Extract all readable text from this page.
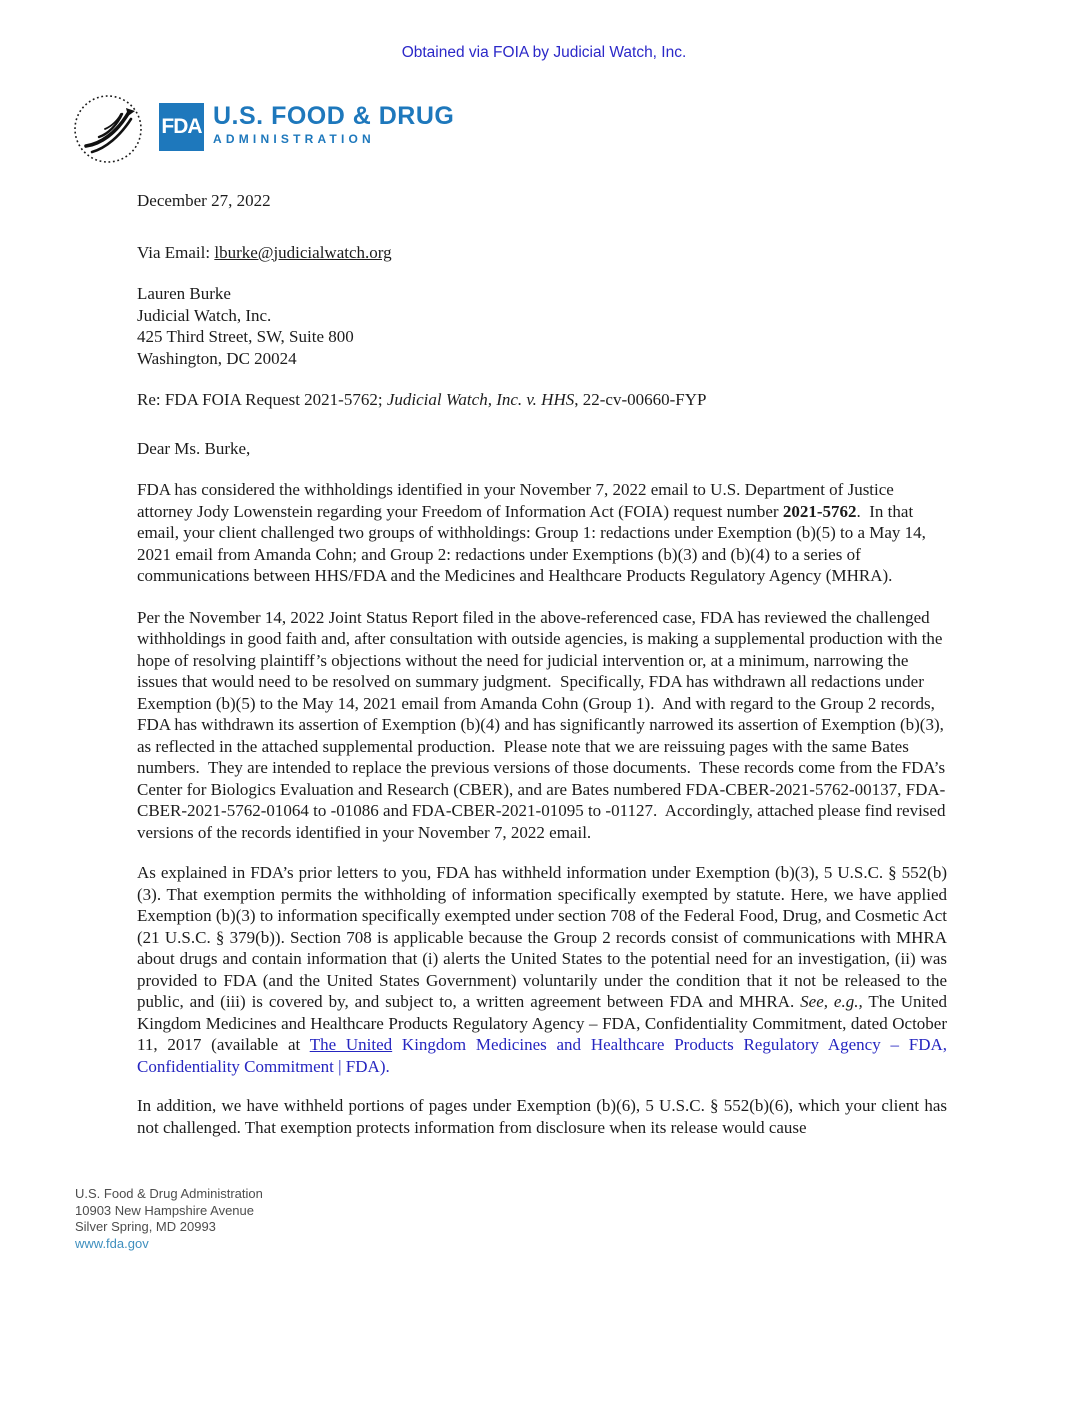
Obtained via FOIA by Judicial Watch, Inc.
FDA U.S. FOOD & DRUG
ADMINISTRATION
December 27, 2022
Via Email: lburke@judicialwatch.org
Lauren Burke
Judicial Watch, Inc.
425 Third Street, SW, Suite 800
Washington, DC 20024
Re: FDA FOIA Request 2021-5762; Judicial Watch, Inc. v. HHS, 22-cv-00660-FYP
Dear Ms. Burke,

FDA has considered the withholdings identified in your November 7, 2022 email to U.S. Department of Justice attorney Jody Lowenstein regarding your Freedom of Information Act (FOIA) request number 2021-5762.  In that email, your client challenged two groups of withholdings: Group 1: redactions under Exemption (b)(5) to a May 14, 2021 email from Amanda Cohn; and Group 2: redactions under Exemptions (b)(3) and (b)(4) to a series of communications between HHS/FDA and the Medicines and Healthcare Products Regulatory Agency (MHRA).

Per the November 14, 2022 Joint Status Report filed in the above-referenced case, FDA has reviewed the challenged withholdings in good faith and, after consultation with outside agencies, is making a supplemental production with the hope of resolving plaintiff’s objections without the need for judicial intervention or, at a minimum, narrowing the issues that would need to be resolved on summary judgment.  Specifically, FDA has withdrawn all redactions under Exemption (b)(5) to the May 14, 2021 email from Amanda Cohn (Group 1).  And with regard to the Group 2 records, FDA has withdrawn its assertion of Exemption (b)(4) and has significantly narrowed its assertion of Exemption (b)(3), as reflected in the attached supplemental production.  Please note that we are reissuing pages with the same Bates numbers.  They are intended to replace the previous versions of those documents.  These records come from the FDA’s Center for Biologics Evaluation and Research (CBER), and are Bates numbered FDA-CBER-2021-5762-00137, FDA-CBER-2021-5762-01064 to -01086 and FDA-CBER-2021-01095 to -01127.  Accordingly, attached please find revised versions of the records identified in your November 7, 2022 email.

As explained in FDA’s prior letters to you, FDA has withheld information under Exemption (b)(3), 5 U.S.C. § 552(b)(3). That exemption permits the withholding of information specifically exempted by statute. Here, we have applied Exemption (b)(3) to information specifically exempted under section 708 of the Federal Food, Drug, and Cosmetic Act (21 U.S.C. § 379(b)). Section 708 is applicable because the Group 2 records consist of communications with MHRA about drugs and contain information that (i) alerts the United States to the potential need for an investigation, (ii) was provided to FDA (and the United States Government) voluntarily under the condition that it not be released to the public, and (iii) is covered by, and subject to, a written agreement between FDA and MHRA. See, e.g., The United Kingdom Medicines and Healthcare Products Regulatory Agency – FDA, Confidentiality Commitment, dated October 11, 2017 (available at The United Kingdom Medicines and Healthcare Products Regulatory Agency – FDA, Confidentiality Commitment | FDA).

In addition, we have withheld portions of pages under Exemption (b)(6), 5 U.S.C. § 552(b)(6), which your client has not challenged. That exemption protects information from disclosure when its release would cause

U.S. Food & Drug Administration
10903 New Hampshire Avenue
Silver Spring, MD 20993
www.fda.gov
